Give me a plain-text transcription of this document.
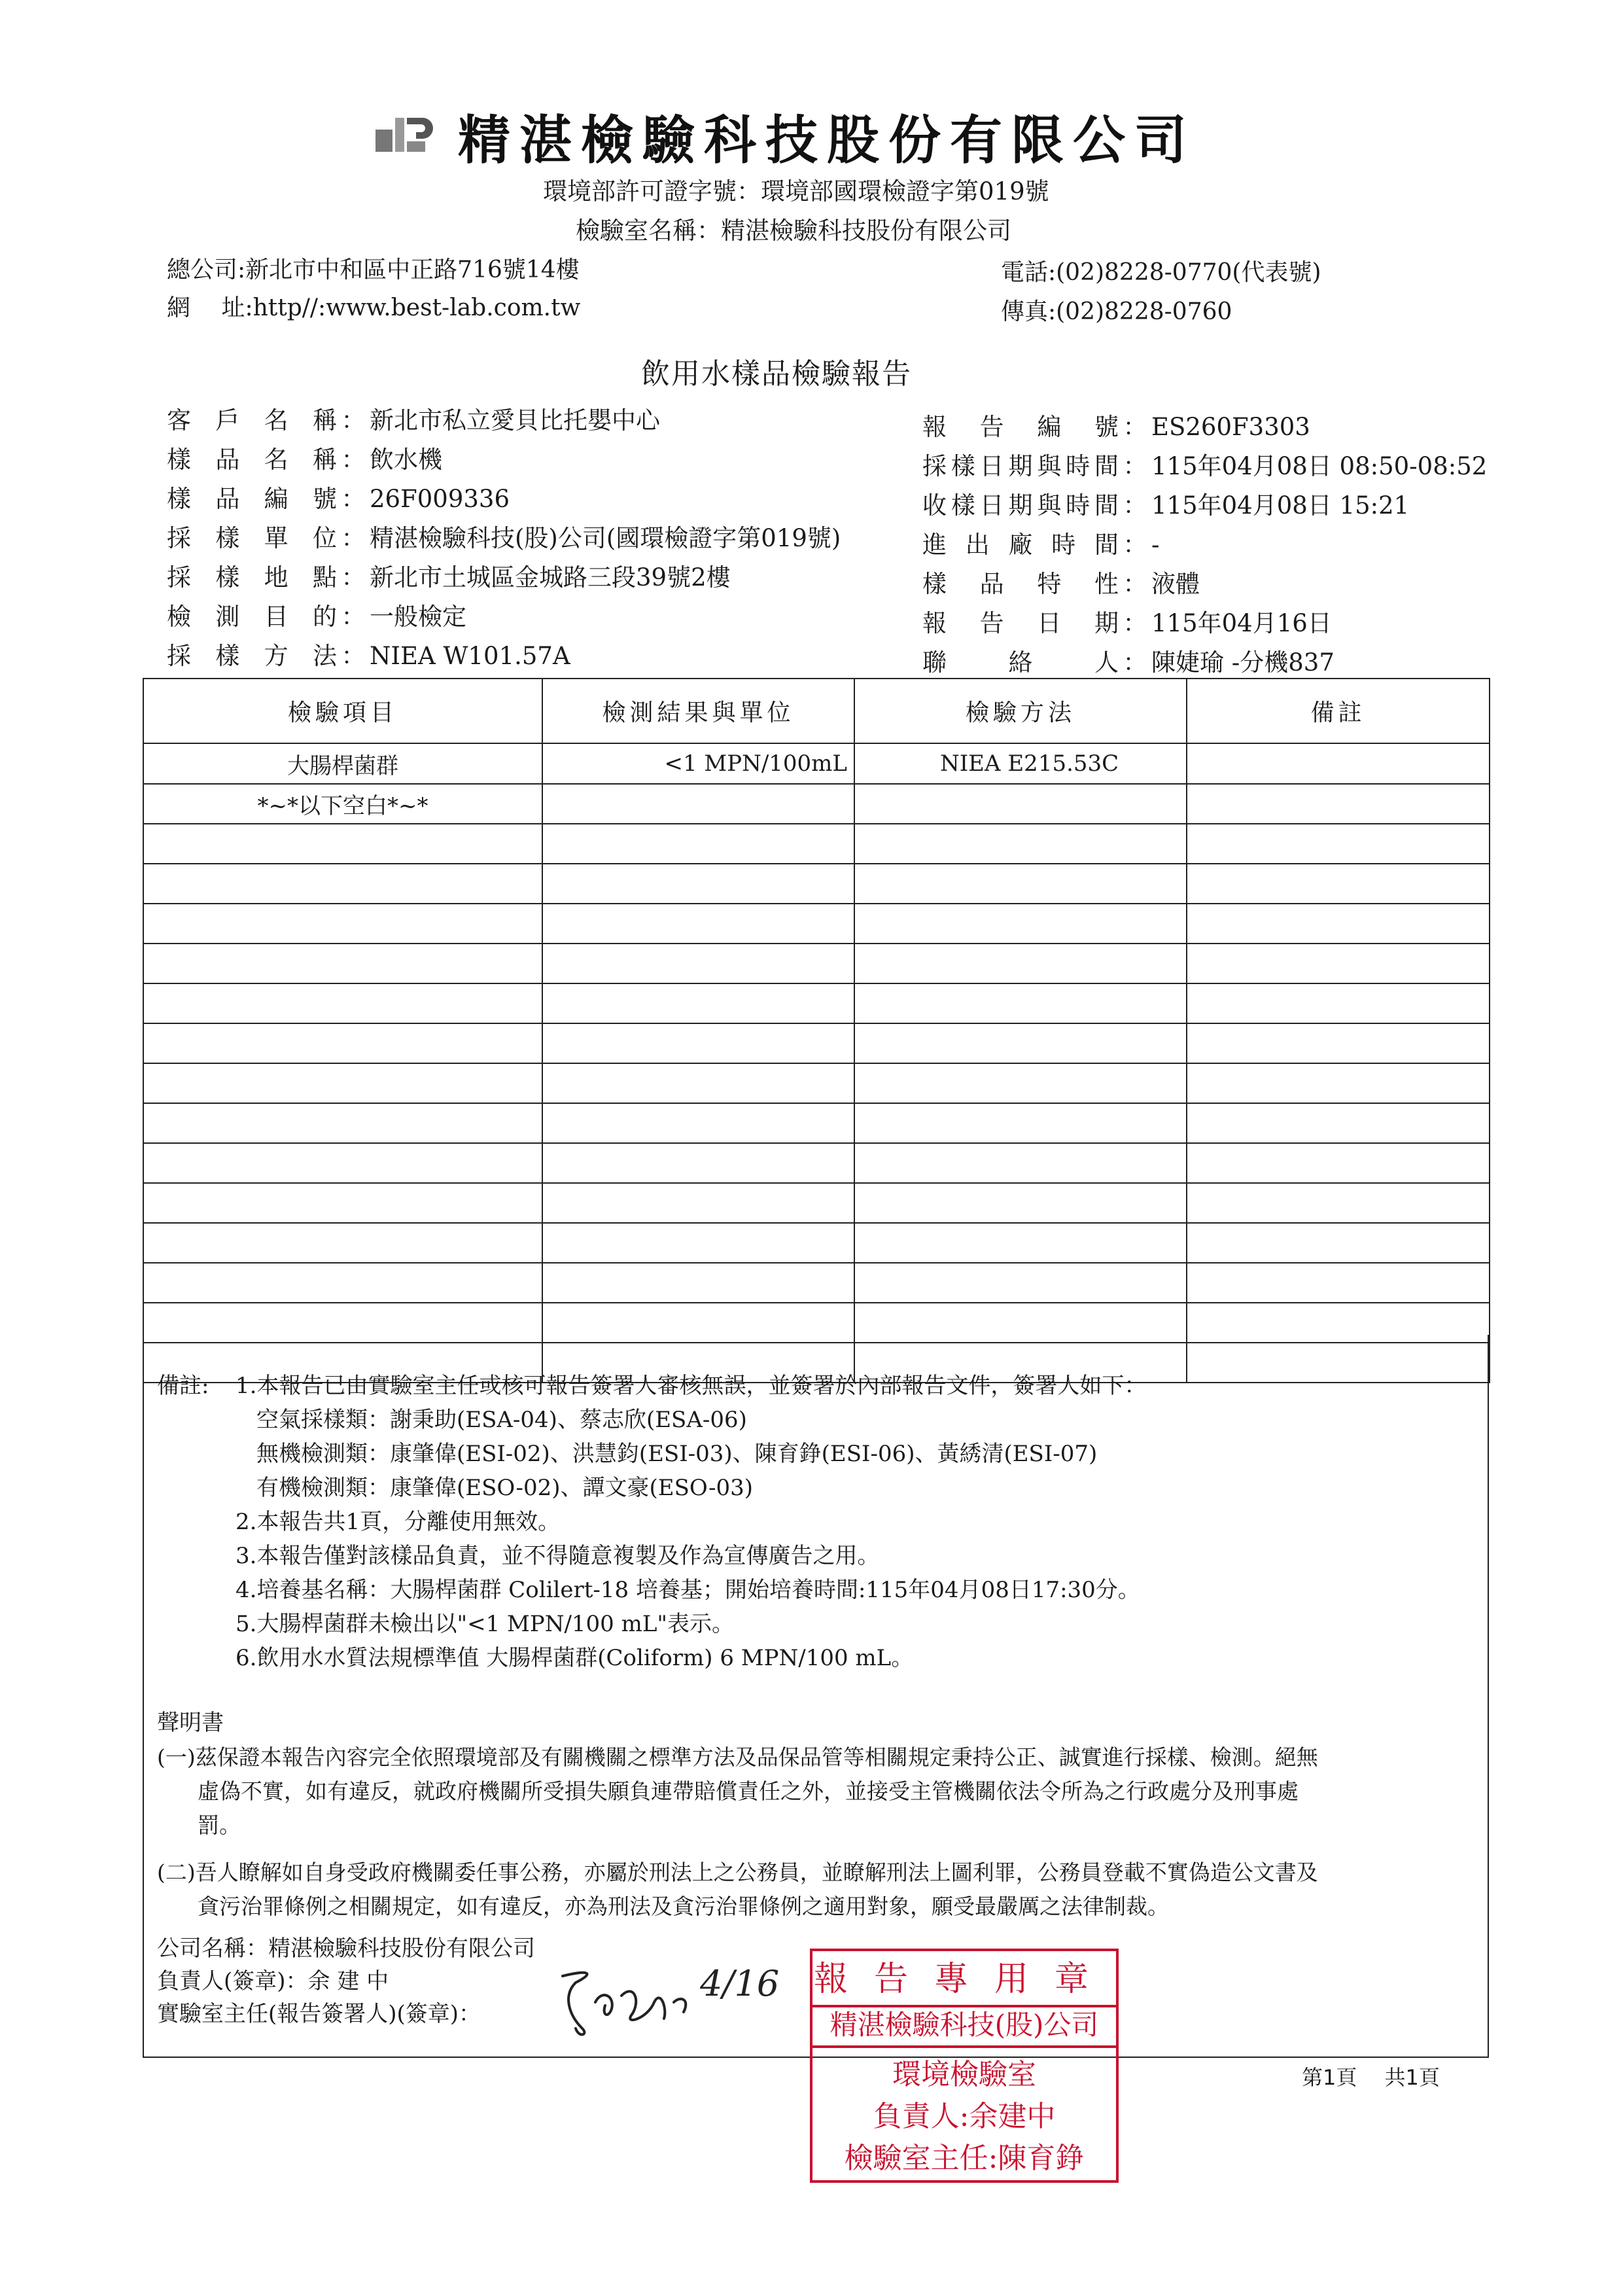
精湛檢驗科技股份有限公司
環境部許可證字號：環境部國環檢證字第019號
檢驗室名稱：精湛檢驗科技股份有限公司
總公司:新北市中和區中正路716號14樓
網　 址:http//:www.best-lab.com.tw
電話:(02)8228-0770(代表號)
傳真:(02)8228-0760
飲用水樣品檢驗報告
客戶名稱 ： 新北市私立愛貝比托嬰中心
樣品名稱 ： 飲水機
樣品編號 ： 26F009336
採樣單位 ： 精湛檢驗科技(股)公司(國環檢證字第019號)
採樣地點 ： 新北市土城區金城路三段39號2樓
檢測目的 ： 一般檢定
採樣方法 ： NIEA W101.57A
報告編號 ： ES260F3303
採樣日期與時間 ： 115年04月08日 08:50-08:52
收樣日期與時間 ： 115年04月08日 15:21
進出廠時間 ： -
樣品特性 ： 液體
報告日期 ： 115年04月16日
聯絡人 ： 陳婕瑜 -分機837
檢驗項目	檢測結果與單位	檢驗方法	備註
大腸桿菌群	<1 MPN/100mL	NIEA E215.53C	
*~*以下空白*~*			

備註: 1.本報告已由實驗室主任或核可報告簽署人審核無誤，並簽署於內部報告文件，簽署人如下：
空氣採樣類：謝秉助(ESA-04)、蔡志欣(ESA-06)
無機檢測類：康肇偉(ESI-02)、洪慧鈞(ESI-03)、陳育錚(ESI-06)、黃綉清(ESI-07)
有機檢測類：康肇偉(ESO-02)、譚文豪(ESO-03)
2.本報告共1頁，分離使用無效。
3.本報告僅對該樣品負責，並不得隨意複製及作為宣傳廣告之用。
4.培養基名稱：大腸桿菌群 Colilert-18 培養基；開始培養時間:115年04月08日17:30分。
5.大腸桿菌群未檢出以"<1 MPN/100 mL"表示。
6.飲用水水質法規標準值 大腸桿菌群(Coliform) 6 MPN/100 mL。
聲明書
(一)茲保證本報告內容完全依照環境部及有關機關之標準方法及品保品管等相關規定秉持公正、誠實進行採樣、檢測。絕無
虛偽不實，如有違反，就政府機關所受損失願負連帶賠償責任之外，並接受主管機關依法令所為之行政處分及刑事處
罰。
(二)吾人瞭解如自身受政府機關委任事公務，亦屬於刑法上之公務員，並瞭解刑法上圖利罪，公務員登載不實偽造公文書及
貪污治罪條例之相關規定，如有違反，亦為刑法及貪污治罪條例之適用對象，願受最嚴厲之法律制裁。
公司名稱：精湛檢驗科技股份有限公司
負責人(簽章)：余 建 中
實驗室主任(報告簽署人)(簽章)：
4/16 報告專用章
精湛檢驗科技(股)公司
環境檢驗室
負責人:余建中
檢驗室主任:陳育錚
第1頁　 共1頁
